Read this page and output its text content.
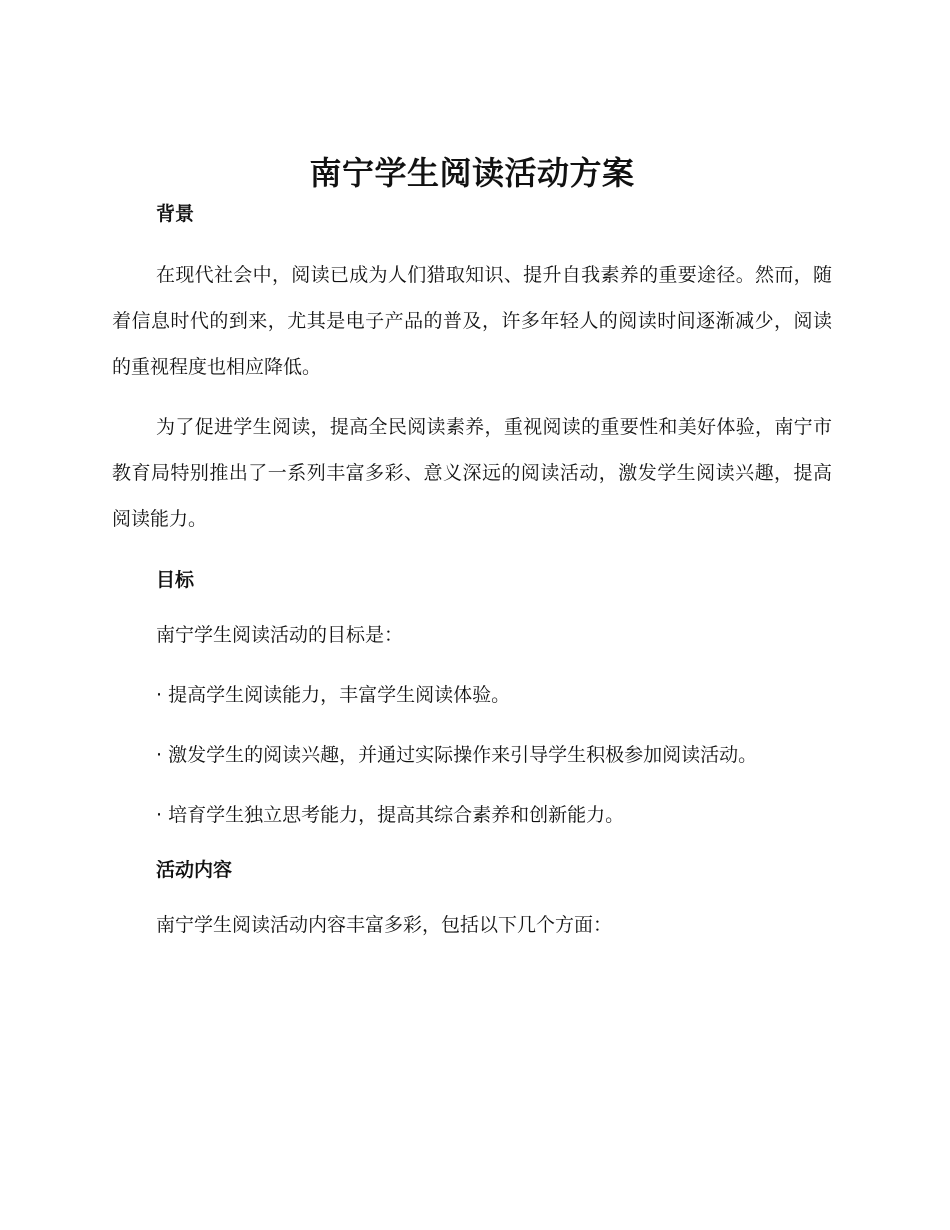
南宁学生阅读活动方案
背景

在现代社会中，阅读已成为人们猎取知识、提升自我素养的重要途径。然而，随着信息时代的到来，尤其是电子产品的普及，许多年轻人的阅读时间逐渐减少，阅读的重视程度也相应降低。

为了促进学生阅读，提高全民阅读素养，重视阅读的重要性和美好体验，南宁市教育局特别推出了一系列丰富多彩、意义深远的阅读活动，激发学生阅读兴趣，提高阅读能力。

目标

南宁学生阅读活动的目标是：

· 提高学生阅读能力，丰富学生阅读体验。

· 激发学生的阅读兴趣，并通过实际操作来引导学生积极参加阅读活动。

· 培育学生独立思考能力，提高其综合素养和创新能力。

活动内容

南宁学生阅读活动内容丰富多彩，包括以下几个方面：
